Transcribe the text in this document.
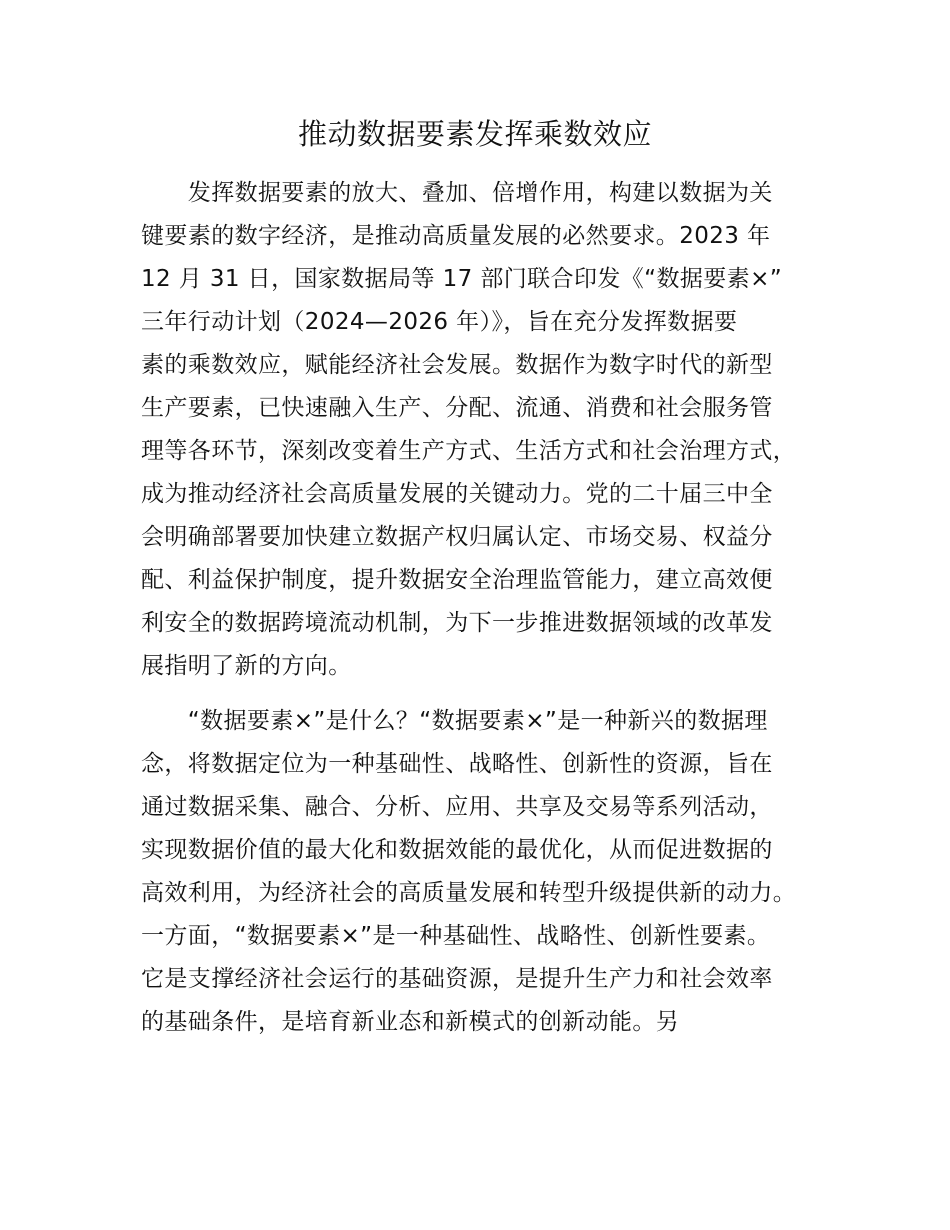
推动数据要素发挥乘数效应
　　发挥数据要素的放大、叠加、倍增作用，构建以数据为关
键要素的数字经济，是推动高质量发展的必然要求。2023 年
12 月 31 日，国家数据局等 17 部门联合印发《“数据要素×”
三年行动计划（2024—2026 年）》，旨在充分发挥数据要
素的乘数效应，赋能经济社会发展。数据作为数字时代的新型
生产要素，已快速融入生产、分配、流通、消费和社会服务管
理等各环节，深刻改变着生产方式、生活方式和社会治理方式，
成为推动经济社会高质量发展的关键动力。党的二十届三中全
会明确部署要加快建立数据产权归属认定、市场交易、权益分
配、利益保护制度，提升数据安全治理监管能力，建立高效便
利安全的数据跨境流动机制，为下一步推进数据领域的改革发
展指明了新的方向。
　　“数据要素×”是什么？“数据要素×”是一种新兴的数据理
念，将数据定位为一种基础性、战略性、创新性的资源，旨在
通过数据采集、融合、分析、应用、共享及交易等系列活动，
实现数据价值的最大化和数据效能的最优化，从而促进数据的
高效利用，为经济社会的高质量发展和转型升级提供新的动力。
一方面，“数据要素×”是一种基础性、战略性、创新性要素。
它是支撑经济社会运行的基础资源，是提升生产力和社会效率
的基础条件，是培育新业态和新模式的创新动能。另
